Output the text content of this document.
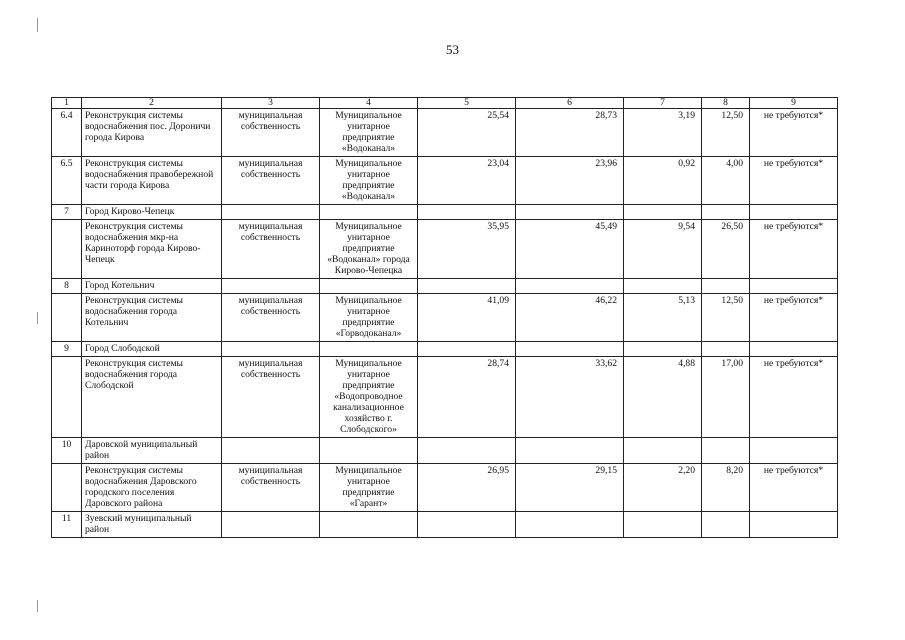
53
1	2	3	4	5	6	7	8	9
6.4	Реконструкция системы водоснабжения пос. Дороничи города Кирова	муниципальная собственность	Муниципальное унитарное предприятие «Водоканал»	25,54	28,73	3,19	12,50	не требуются*
6.5	Реконструкция системы водоснабжения правобережной части города Кирова	муниципальная собственность	Муниципальное унитарное предприятие «Водоканал»	23,04	23,96	0,92	4,00	не требуются*
7	Город Кирово-Чепецк							
	Реконструкция системы водоснабжения мкр-на Кариноторф города Кирово-Чепецк	муниципальная собственность	Муниципальное унитарное предприятие «Водоканал» города Кирово-Чепецка	35,95	45,49	9,54	26,50	не требуются*
8	Город Котельнич							
	Реконструкция системы водоснабжения города Котельнич	муниципальная собственность	Муниципальное унитарное предприятие «Горводоканал»	41,09	46,22	5,13	12,50	не требуются*
9	Город Слободской							
	Реконструкция системы водоснабжения города Слободской	муниципальная собственность	Муниципальное унитарное предприятие «Водопроводное канализационное хозяйство г. Слободского»	28,74	33,62	4,88	17,00	не требуются*
10	Даровской муниципальный район							
	Реконструкция системы водоснабжения Даровского городского поселения Даровского района	муниципальная собственность	Муниципальное унитарное предприятие «Гарант»	26,95	29,15	2,20	8,20	не требуются*
11	Зуевский муниципальный район							
